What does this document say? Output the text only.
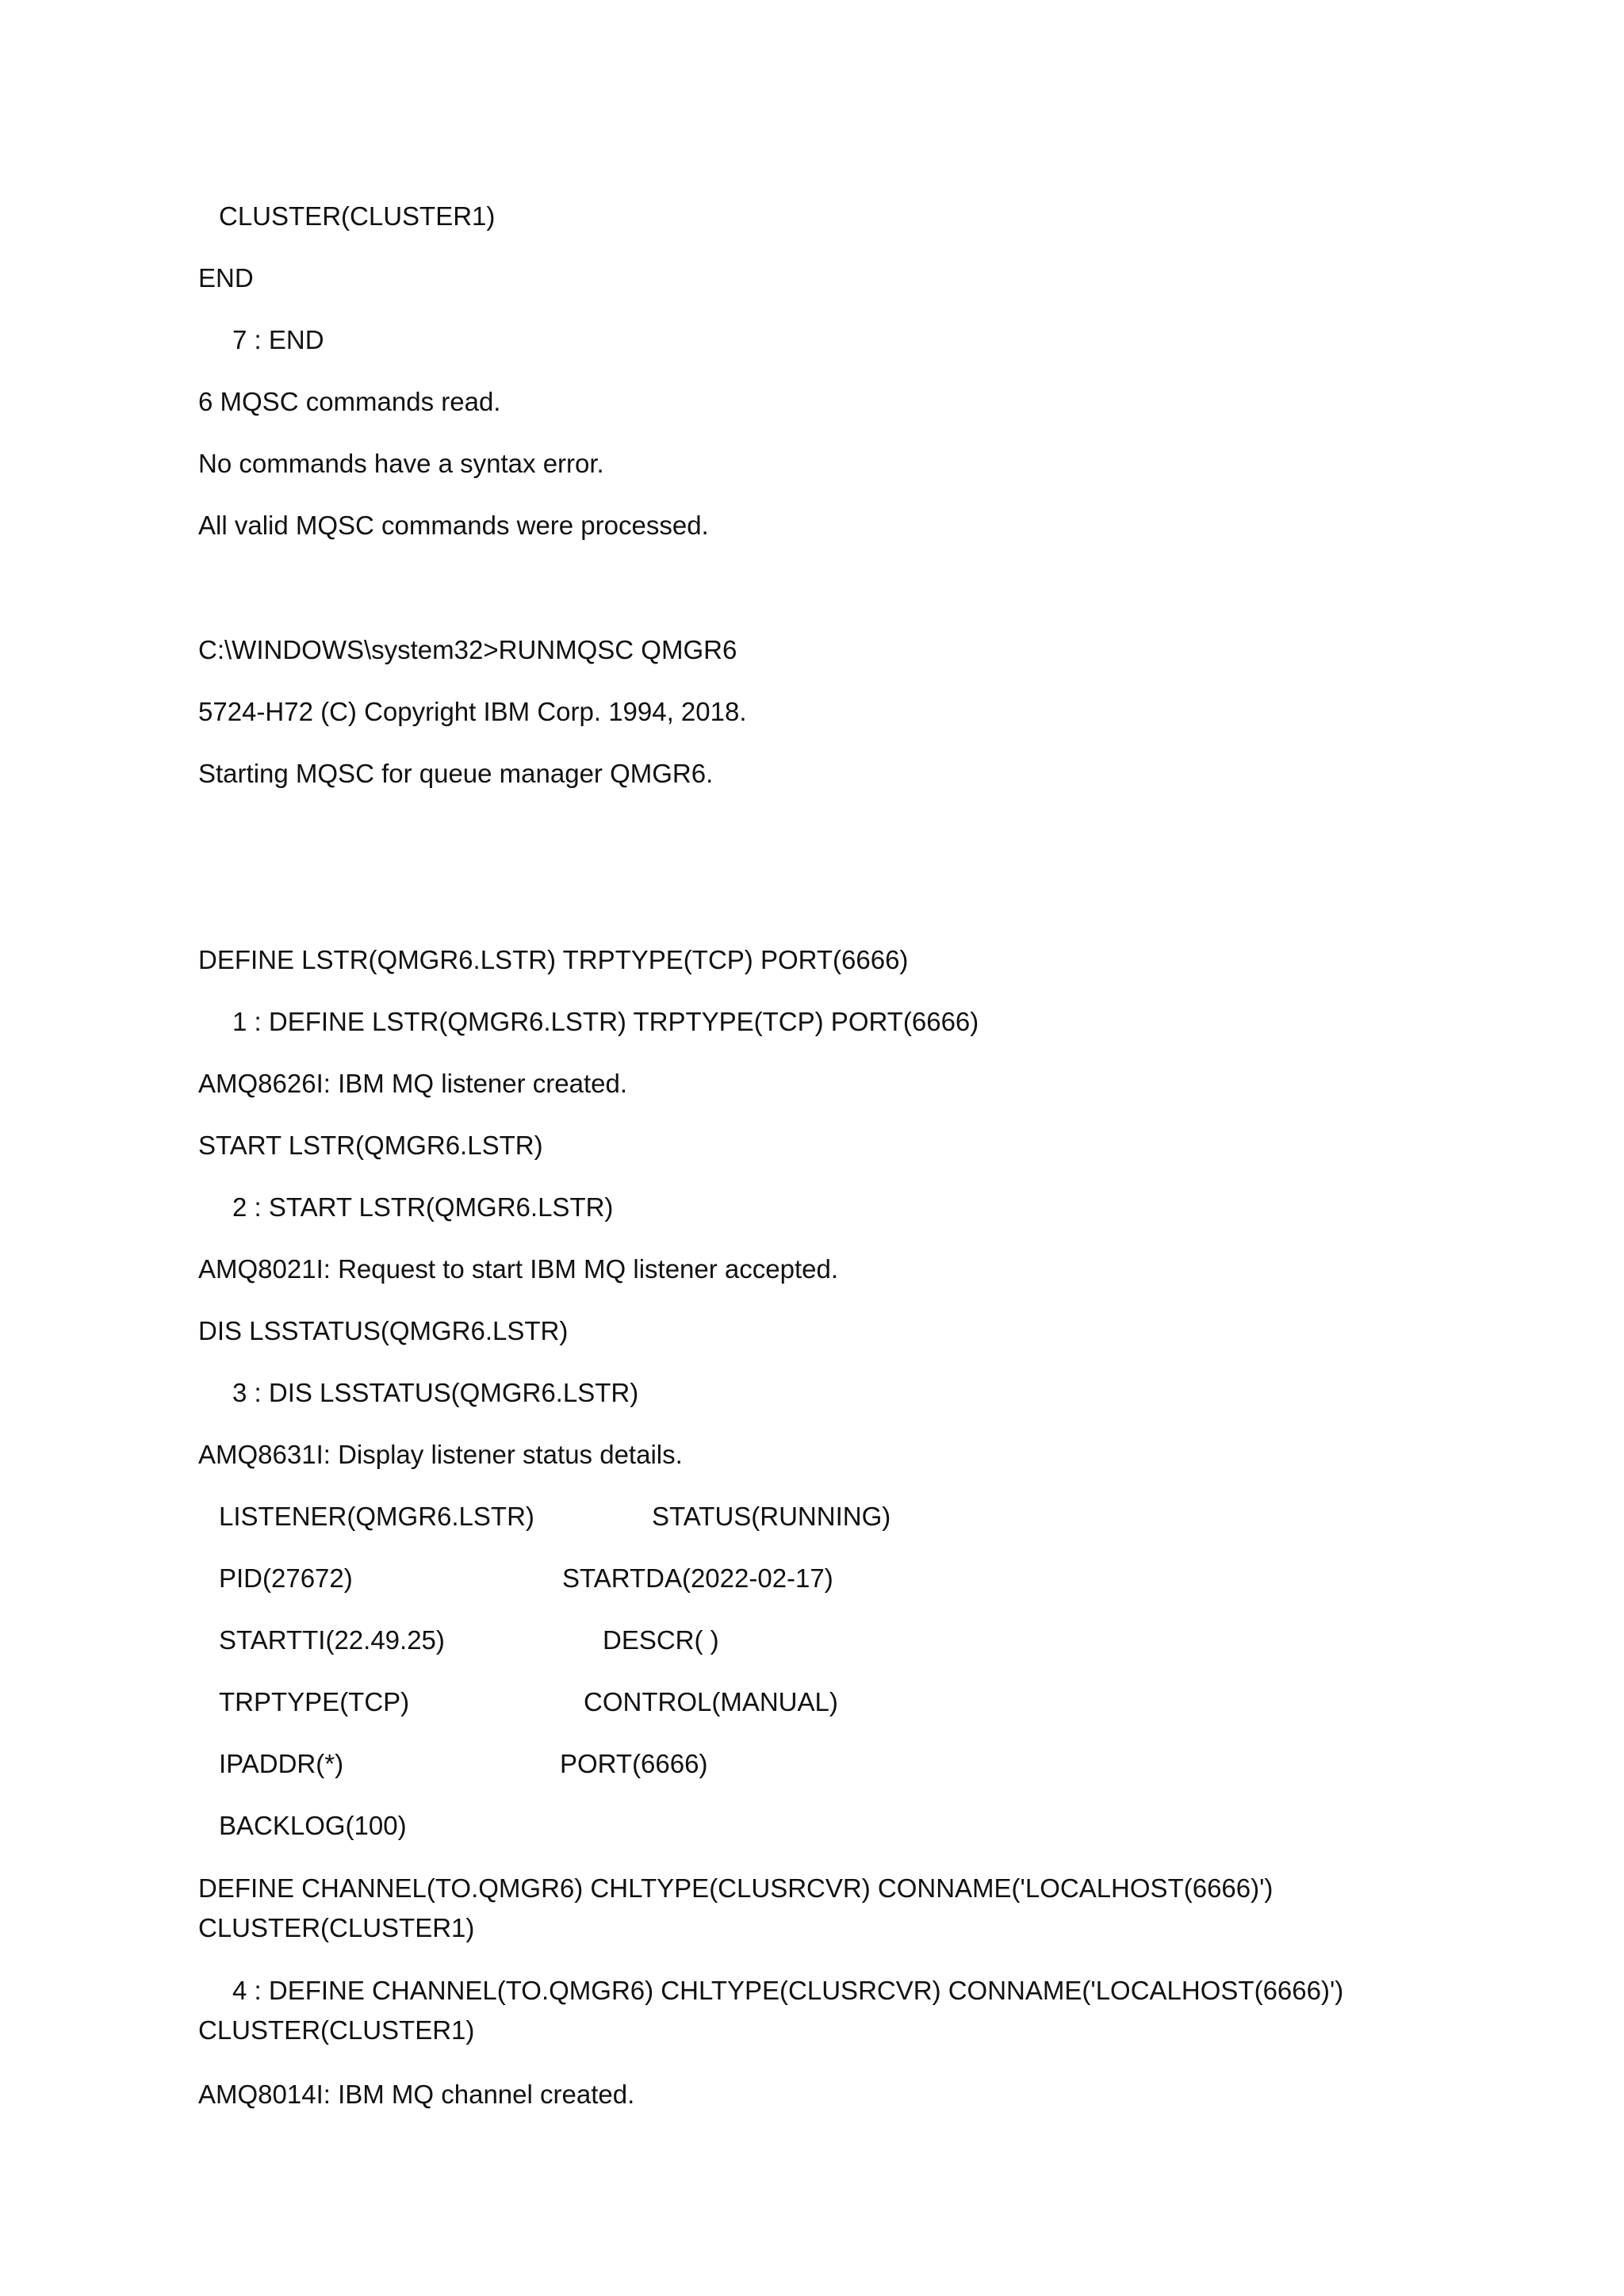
CLUSTER(CLUSTER1)

END

7 : END

6 MQSC commands read.

No commands have a syntax error.

All valid MQSC commands were processed.

C:\WINDOWS\system32>RUNMQSC QMGR6

5724-H72 (C) Copyright IBM Corp. 1994, 2018.

Starting MQSC for queue manager QMGR6.

DEFINE LSTR(QMGR6.LSTR) TRPTYPE(TCP) PORT(6666)

1 : DEFINE LSTR(QMGR6.LSTR) TRPTYPE(TCP) PORT(6666)

AMQ8626I: IBM MQ listener created.

START LSTR(QMGR6.LSTR)

2 : START LSTR(QMGR6.LSTR)

AMQ8021I: Request to start IBM MQ listener accepted.

DIS LSSTATUS(QMGR6.LSTR)

3 : DIS LSSTATUS(QMGR6.LSTR)

AMQ8631I: Display listener status details.

LISTENER(QMGR6.LSTR)	STATUS(RUNNING)

PID(27672)	STARTDA(2022-02-17)

STARTTI(22.49.25)	DESCR( )

TRPTYPE(TCP)	CONTROL(MANUAL)

IPADDR(*)	PORT(6666)

BACKLOG(100)

DEFINE CHANNEL(TO.QMGR6) CHLTYPE(CLUSRCVR) CONNAME('LOCALHOST(6666)')
CLUSTER(CLUSTER1)
4 : DEFINE CHANNEL(TO.QMGR6) CHLTYPE(CLUSRCVR) CONNAME('LOCALHOST(6666)')
CLUSTER(CLUSTER1)

AMQ8014I: IBM MQ channel created.
